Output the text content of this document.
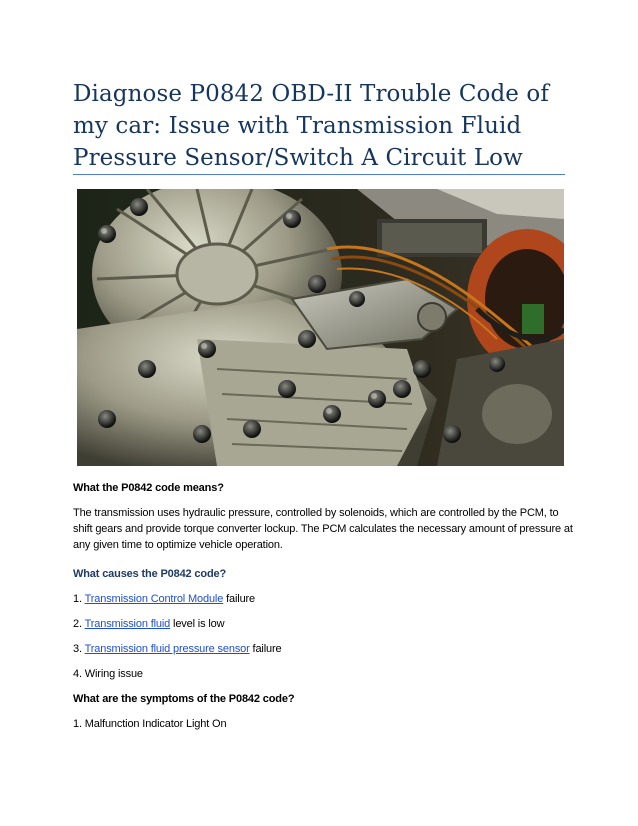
Diagnose P0842 OBD-II Trouble Code of my car: Issue with Transmission Fluid Pressure Sensor/Switch A Circuit Low

What the P0842 code means?

The transmission uses hydraulic pressure, controlled by solenoids, which are controlled by the PCM, to shift gears and provide torque converter lockup. The PCM calculates the necessary amount of pressure at any given time to optimize vehicle operation.

What causes the P0842 code?

1. Transmission Control Module failure

2. Transmission fluid level is low

3. Transmission fluid pressure sensor failure

4. Wiring issue

What are the symptoms of the P0842 code?

1. Malfunction Indicator Light On
